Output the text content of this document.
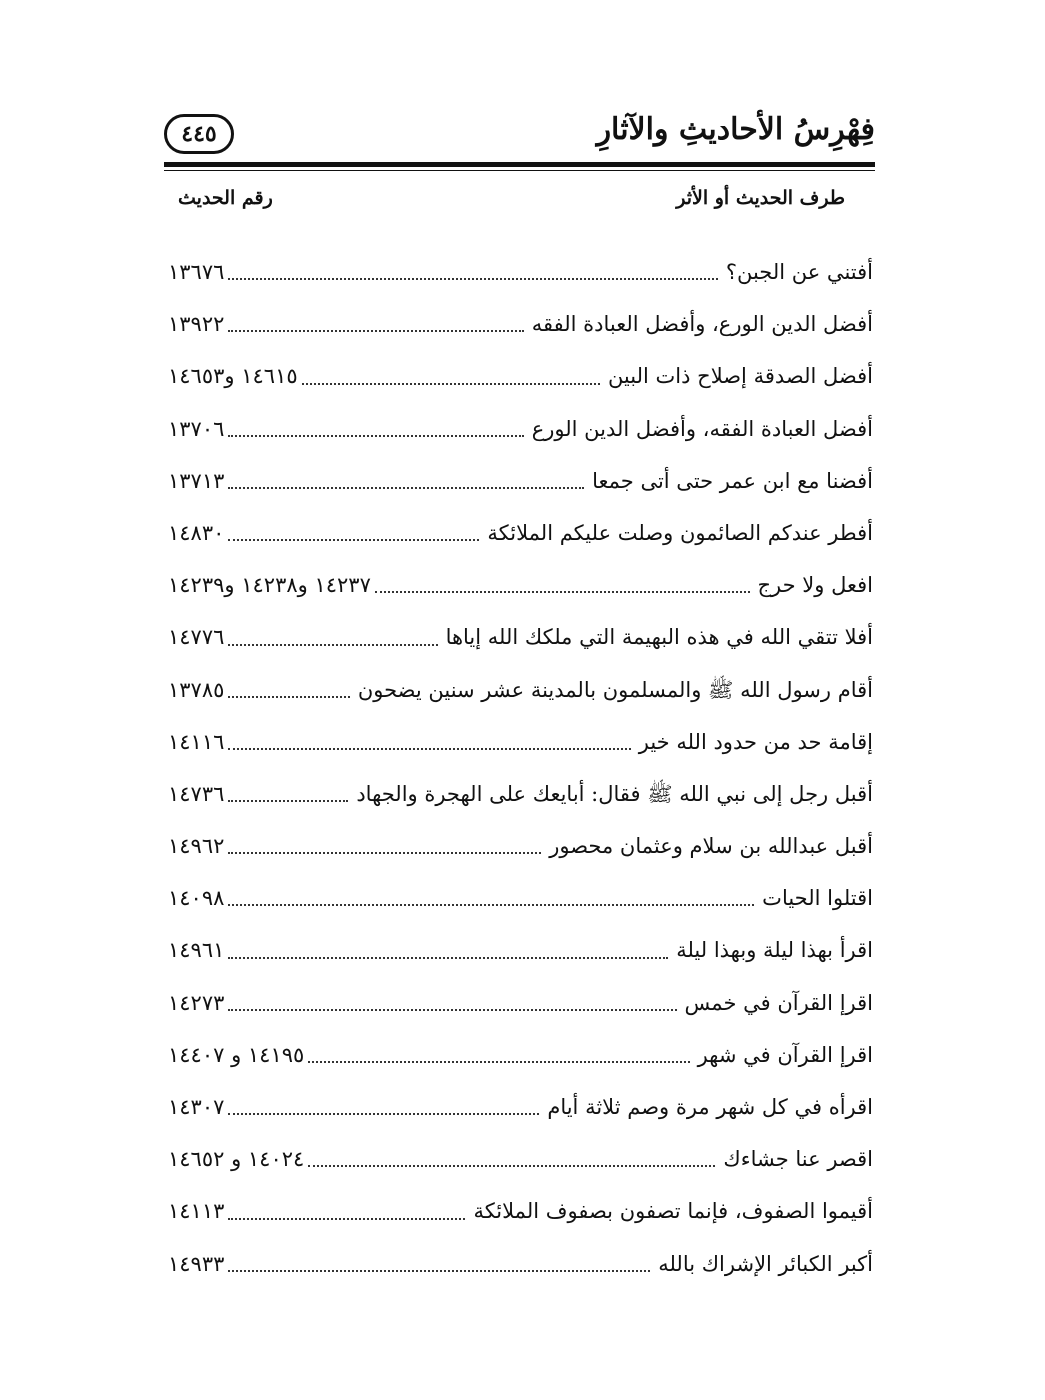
فِهْرِسُ الأحاديثِ والآثارِ
٤٤٥
طرف الحديث أو الأثر
رقم الحديث
أفتني عن الجبن؟
١٣٦٧٦
أفضل الدين الورع، وأفضل العبادة الفقه
١٣٩٢٢
أفضل الصدقة إصلاح ذات البين
١٤٦١٥ و١٤٦٥٣
أفضل العبادة الفقه، وأفضل الدين الورع
١٣٧٠٦
أفضنا مع ابن عمر حتى أتى جمعا
١٣٧١٣
أفطر عندكم الصائمون وصلت عليكم الملائكة
١٤٨٣٠
افعل ولا حرج
١٤٢٣٧ و١٤٢٣٨ و١٤٢٣٩
أفلا تتقي الله في هذه البهيمة التي ملكك الله إياها
١٤٧٧٦
أقام رسول الله ﷺ والمسلمون بالمدينة عشر سنين يضحون
١٣٧٨٥
إقامة حد من حدود الله خير
١٤١١٦
أقبل رجل إلى نبي الله ﷺ فقال: أبايعك على الهجرة والجهاد
١٤٧٣٦
أقبل عبدالله بن سلام وعثمان محصور
١٤٩٦٢
اقتلوا الحيات
١٤٠٩٨
اقرأ بهذا ليلة وبهذا ليلة
١٤٩٦١
اقرإ القرآن في خمس
١٤٢٧٣
اقرإ القرآن في شهر
١٤١٩٥ و ١٤٤٠٧
اقرأه في كل شهر مرة وصم ثلاثة أيام
١٤٣٠٧
اقصر عنا جشاءك
١٤٠٢٤ و ١٤٦٥٢
أقيموا الصفوف، فإنما تصفون بصفوف الملائكة
١٤١١٣
أكبر الكبائر الإشراك بالله
١٤٩٣٣
